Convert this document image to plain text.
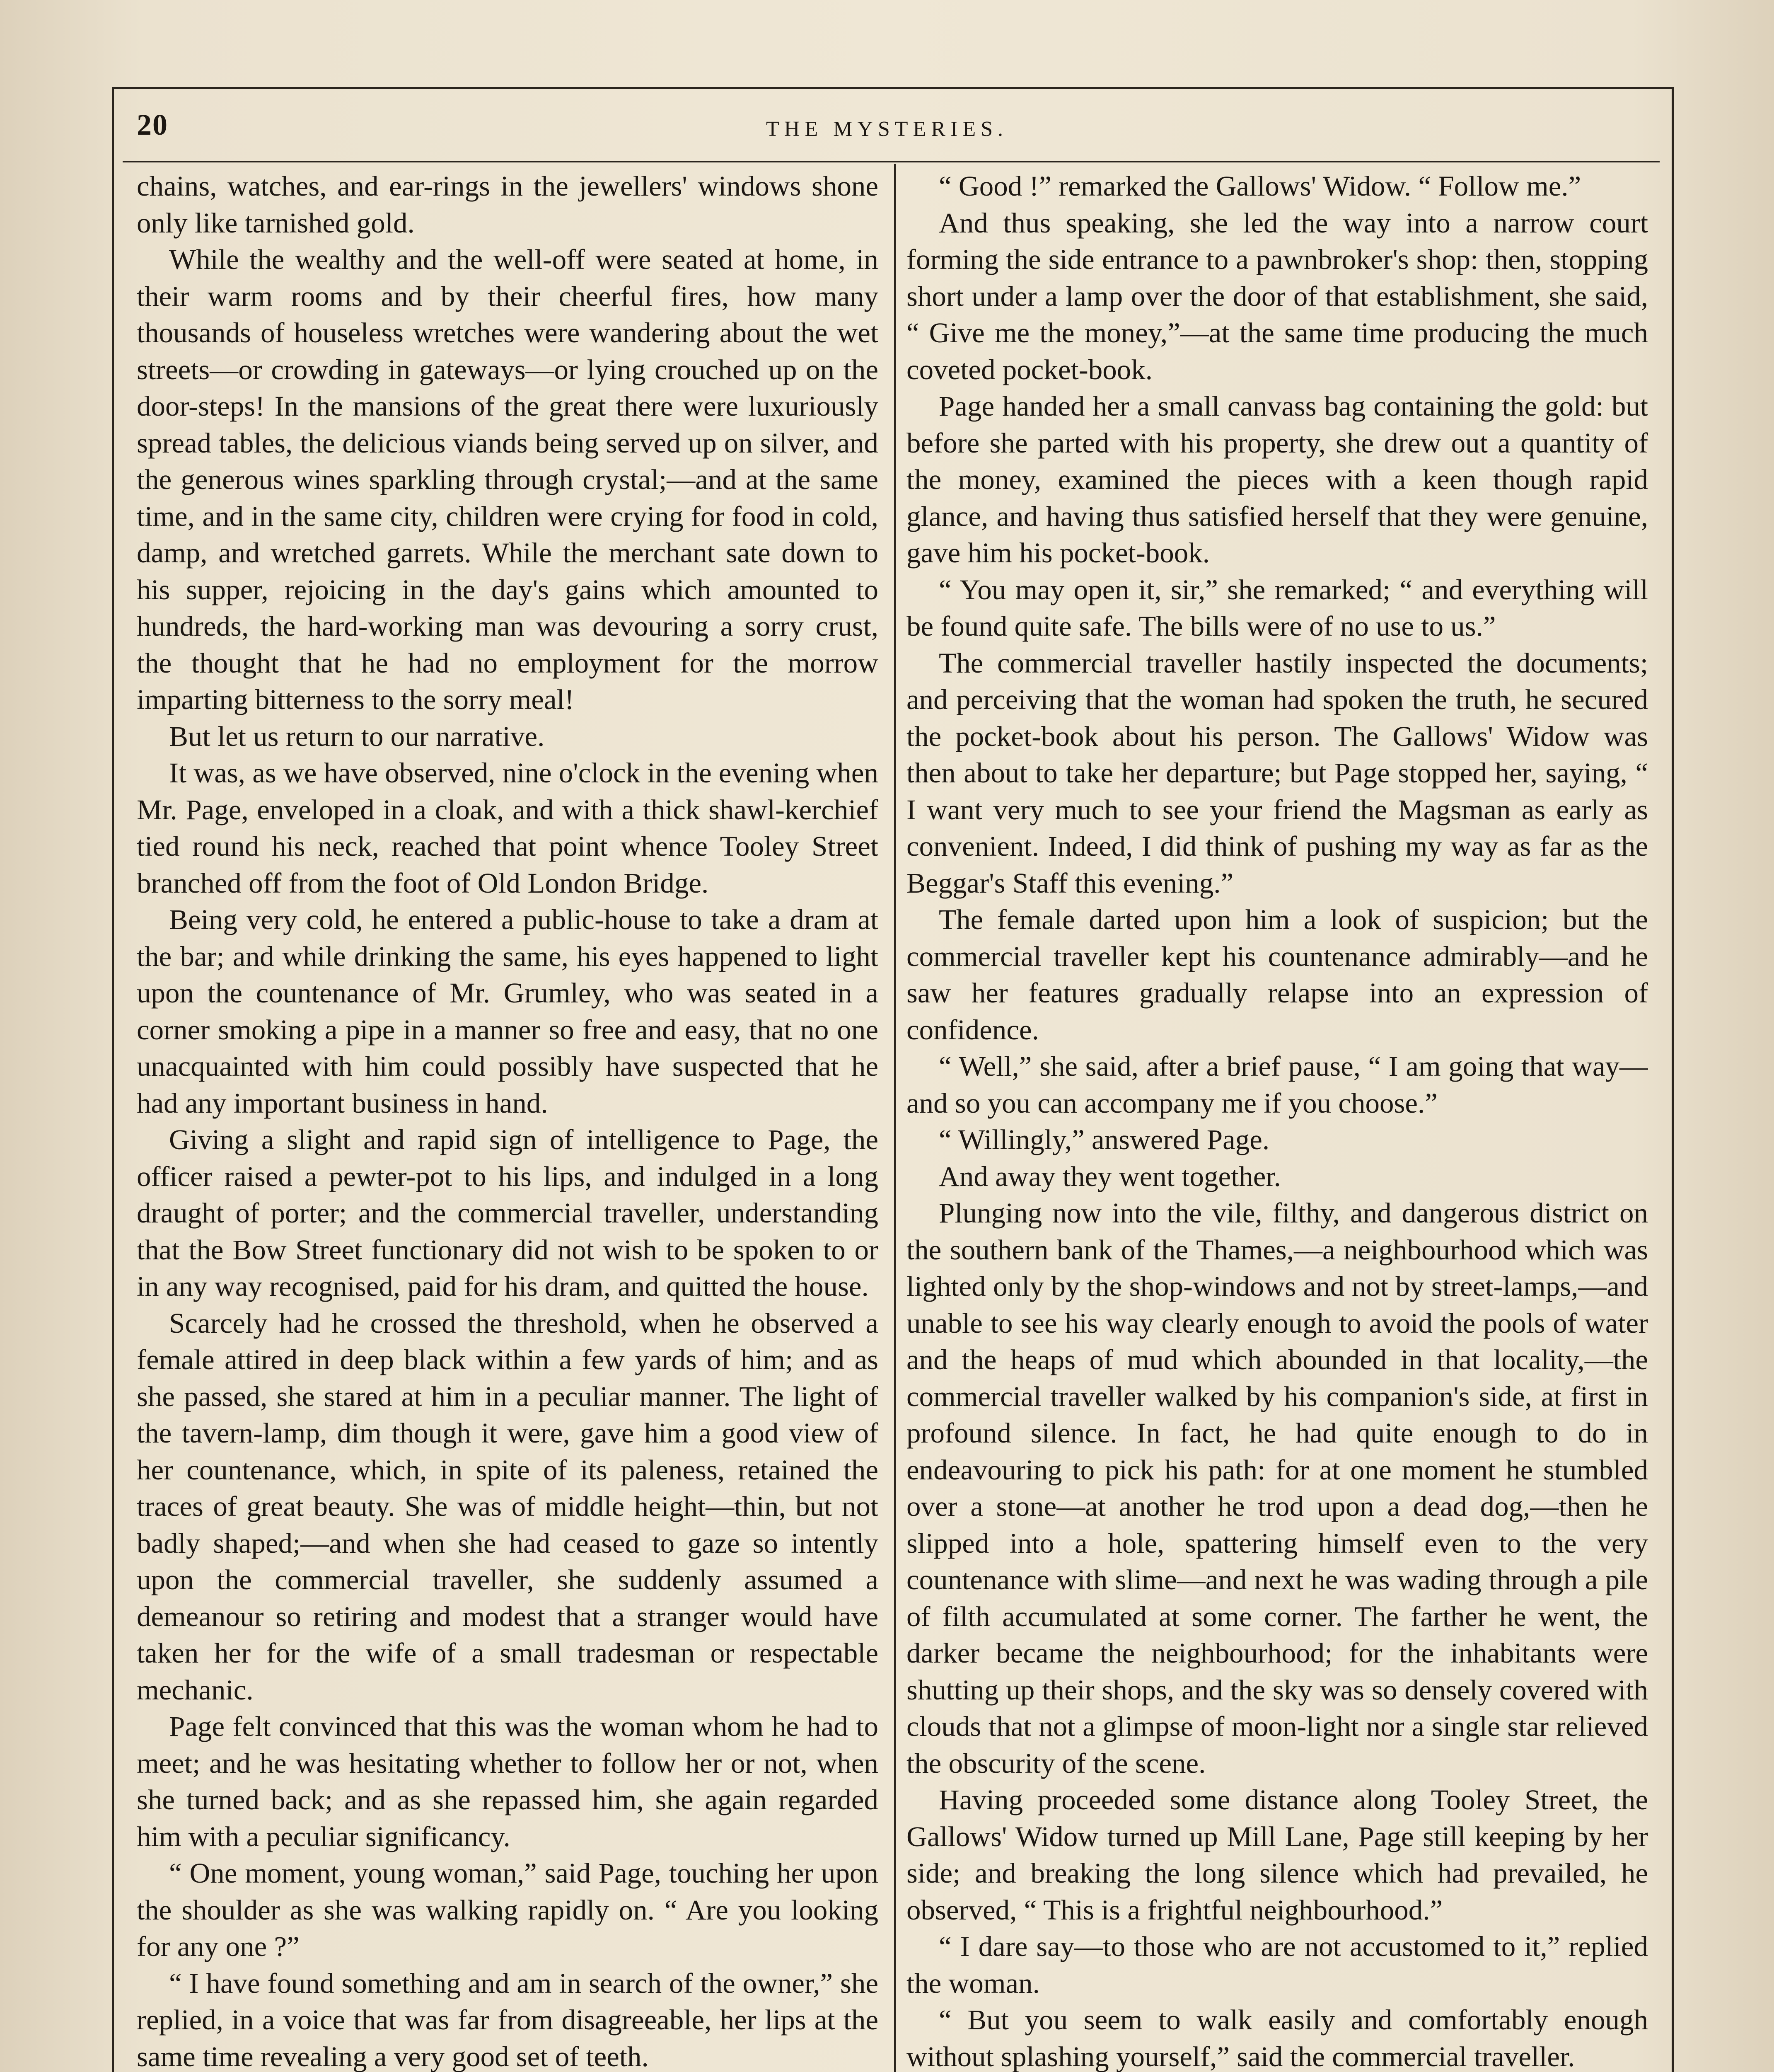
20	THE MYSTERIES.

chains, watches, and ear-rings in the jewellers' windows shone only like tarnished gold.

While the wealthy and the well-off were seated at home, in their warm rooms and by their cheerful fires, how many thousands of houseless wretches were wandering about the wet streets—or crowding in gateways—or lying crouched up on the door-steps! In the mansions of the great there were luxuriously spread tables, the delicious viands being served up on silver, and the generous wines sparkling through crystal;—and at the same time, and in the same city, children were crying for food in cold, damp, and wretched garrets. While the merchant sate down to his supper, rejoicing in the day's gains which amounted to hundreds, the hard-working man was devouring a sorry crust, the thought that he had no employment for the morrow imparting bitterness to the sorry meal!

But let us return to our narrative.

It was, as we have observed, nine o'clock in the evening when Mr. Page, enveloped in a cloak, and with a thick shawl-kerchief tied round his neck, reached that point whence Tooley Street branched off from the foot of Old London Bridge.

Being very cold, he entered a public-house to take a dram at the bar; and while drinking the same, his eyes happened to light upon the countenance of Mr. Grumley, who was seated in a corner smoking a pipe in a manner so free and easy, that no one unacquainted with him could possibly have suspected that he had any important business in hand.

Giving a slight and rapid sign of intelligence to Page, the officer raised a pewter-pot to his lips, and indulged in a long draught of porter; and the commercial traveller, understanding that the Bow Street functionary did not wish to be spoken to or in any way recognised, paid for his dram, and quitted the house.

Scarcely had he crossed the threshold, when he observed a female attired in deep black within a few yards of him; and as she passed, she stared at him in a peculiar manner. The light of the tavern-lamp, dim though it were, gave him a good view of her countenance, which, in spite of its paleness, retained the traces of great beauty. She was of middle height—thin, but not badly shaped;—and when she had ceased to gaze so intently upon the commercial traveller, she suddenly assumed a demeanour so retiring and modest that a stranger would have taken her for the wife of a small tradesman or respectable mechanic.

Page felt convinced that this was the woman whom he had to meet; and he was hesitating whether to follow her or not, when she turned back; and as she repassed him, she again regarded him with a peculiar significancy.

“ One moment, young woman,” said Page, touching her upon the shoulder as she was walking rapidly on. “ Are you looking for any one ?”

“ I have found something and am in search of the owner,” she replied, in a voice that was far from disagreeable, her lips at the same time revealing a very good set of teeth.

“ Good !” remarked the Gallows' Widow. “ Follow me.”

And thus speaking, she led the way into a narrow court forming the side entrance to a pawnbroker's shop: then, stopping short under a lamp over the door of that establishment, she said, “ Give me the money,”—at the same time producing the much coveted pocket-book.

Page handed her a small canvass bag containing the gold: but before she parted with his property, she drew out a quantity of the money, examined the pieces with a keen though rapid glance, and having thus satisfied herself that they were genuine, gave him his pocket-book.

“ You may open it, sir,” she remarked; “ and everything will be found quite safe. The bills were of no use to us.”

The commercial traveller hastily inspected the documents; and perceiving that the woman had spoken the truth, he secured the pocket-book about his person. The Gallows' Widow was then about to take her departure; but Page stopped her, saying, “ I want very much to see your friend the Magsman as early as convenient. Indeed, I did think of pushing my way as far as the Beggar's Staff this evening.”

The female darted upon him a look of suspicion; but the commercial traveller kept his countenance admirably—and he saw her features gradually relapse into an expression of confidence.

“ Well,” she said, after a brief pause, “ I am going that way—and so you can accompany me if you choose.”

“ Willingly,” answered Page.

And away they went together.

Plunging now into the vile, filthy, and dangerous district on the southern bank of the Thames,—a neighbourhood which was lighted only by the shop-windows and not by street-lamps,—and unable to see his way clearly enough to avoid the pools of water and the heaps of mud which abounded in that locality,—the commercial traveller walked by his companion's side, at first in profound silence. In fact, he had quite enough to do in endeavouring to pick his path: for at one moment he stumbled over a stone—at another he trod upon a dead dog,—then he slipped into a hole, spattering himself even to the very countenance with slime—and next he was wading through a pile of filth accumulated at some corner. The farther he went, the darker became the neighbourhood; for the inhabitants were shutting up their shops, and the sky was so densely covered with clouds that not a glimpse of moon-light nor a single star relieved the obscurity of the scene.

Having proceeded some distance along Tooley Street, the Gallows' Widow turned up Mill Lane, Page still keeping by her side; and breaking the long silence which had prevailed, he observed, “ This is a frightful neighbourhood.”

“ I dare say—to those who are not accustomed to it,” replied the woman.

“ But you seem to walk easily and comfortably enough without splashing yourself,” said the commercial traveller.
